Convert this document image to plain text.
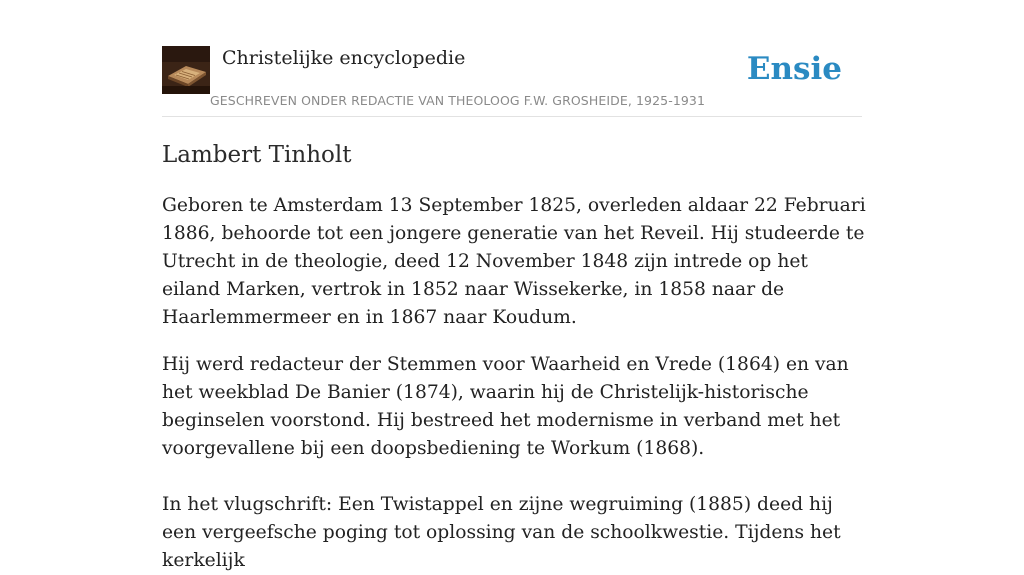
Christelijke encyclopedie
GESCHREVEN ONDER REDACTIE VAN THEOLOOG F.W. GROSHEIDE, 1925-1931
Ensie
Lambert Tinholt

Geboren te Amsterdam 13 September 1825, overleden aldaar 22 Februari 1886, behoorde tot een jongere generatie van het Reveil. Hij studeerde te Utrecht in de theologie, deed 12 November 1848 zijn intrede op het eiland Marken, vertrok in 1852 naar Wissekerke, in 1858 naar de Haarlemmermeer en in 1867 naar Koudum.

Hij werd redacteur der Stemmen voor Waarheid en Vrede (1864) en van het weekblad De Banier (1874), waarin hij de Christelijk-historische beginselen voorstond. Hij bestreed het modernisme in verband met het voorgevallene bij een doopsbediening te Workum (1868).

In het vlugschrift: Een Twistappel en zijne wegruiming (1885) deed hij een vergeefsche poging tot oplossing van de schoolkwestie. Tijdens het kerkelijk
